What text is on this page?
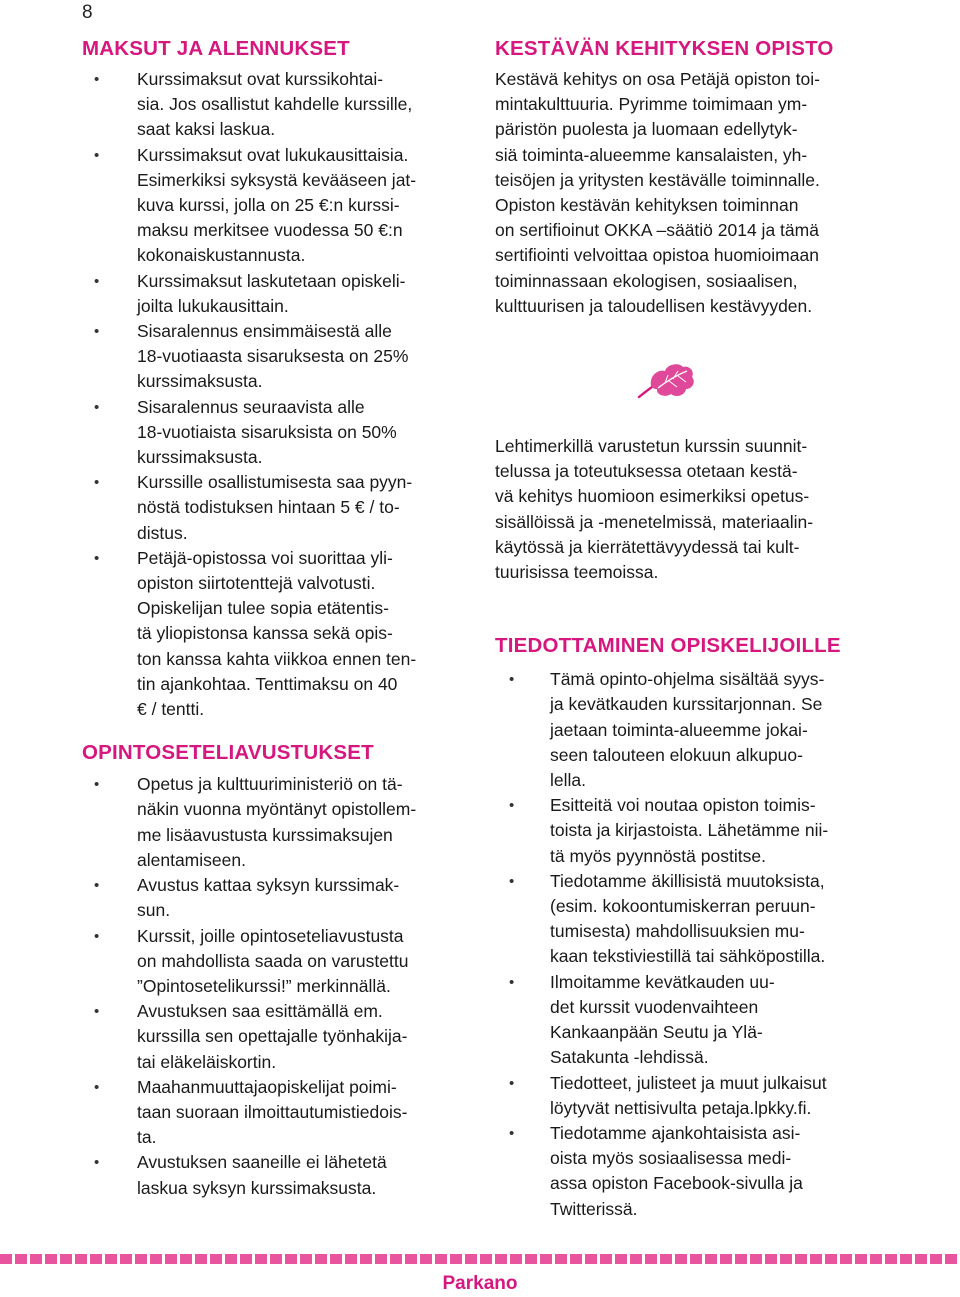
8
MAKSUT JA ALENNUKSET
• Kurssimaksut ovat kurssikohtai-
sia. Jos osallistut kahdelle kurssille,
saat kaksi laskua.
• Kurssimaksut ovat lukukausittaisia.
Esimerkiksi syksystä kevääseen jat-
kuva kurssi, jolla on 25 €:n kurssi-
maksu merkitsee vuodessa 50 €:n
kokonaiskustannusta.
• Kurssimaksut laskutetaan opiskeli-
joilta lukukausittain.
• Sisaralennus ensimmäisestä alle
18-vuotiaasta sisaruksesta on 25%
kurssimaksusta.
• Sisaralennus seuraavista alle
18-vuotiaista sisaruksista on 50%
kurssimaksusta.
• Kurssille osallistumisesta saa pyyn-
nöstä todistuksen hintaan 5 € / to-
distus.
• Petäjä-opistossa voi suorittaa yli-
opiston siirtotenttejä valvotusti.
Opiskelijan tulee sopia etätentis-
tä yliopistonsa kanssa sekä opis-
ton kanssa kahta viikkoa ennen ten-
tin ajankohtaa. Tenttimaksu on 40
€ / tentti.
OPINTOSETELIAVUSTUKSET
• Opetus ja kulttuuriministeriö on tä-
näkin vuonna myöntänyt opistollem-
me lisäavustusta kurssimaksujen
alentamiseen.
• Avustus kattaa syksyn kurssimak-
sun.
• Kurssit, joille opintoseteliavustusta
on mahdollista saada on varustettu
”Opintosetelikurssi!” merkinnällä.
• Avustuksen saa esittämällä em.
kurssilla sen opettajalle työnhakija-
tai eläkeläiskortin.
• Maahanmuuttajaopiskelijat poimi-
taan suoraan ilmoittautumistiedois-
ta.
• Avustuksen saaneille ei lähetetä
laskua syksyn kurssimaksusta.
KESTÄVÄN KEHITYKSEN OPISTO

Kestävä kehitys on osa Petäjä opiston toi-
mintakulttuuria. Pyrimme toimimaan ym-
päristön puolesta ja luomaan edellytyk-
siä toiminta-alueemme kansalaisten, yh-
teisöjen ja yritysten kestävälle toiminnalle.
Opiston kestävän kehityksen toiminnan
on sertifioinut OKKA –säätiö 2014 ja tämä
sertifiointi velvoittaa opistoa huomioimaan
toiminnassaan ekologisen, sosiaalisen,
kulttuurisen ja taloudellisen kestävyyden.

Lehtimerkillä varustetun kurssin suunnit-
telussa ja toteutuksessa otetaan kestä-
vä kehitys huomioon esimerkiksi opetus-
sisällöissä ja -menetelmissä, materiaalin-
käytössä ja kierrätettävyydessä tai kult-
tuurisissa teemoissa.

TIEDOTTAMINEN OPISKELIJOILLE
• Tämä opinto-ohjelma sisältää syys-
ja kevätkauden kurssitarjonnan. Se
jaetaan toiminta-alueemme jokai-
seen talouteen elokuun alkupuo-
lella.
• Esitteitä voi noutaa opiston toimis-
toista ja kirjastoista. Lähetämme nii-
tä myös pyynnöstä postitse.
• Tiedotamme äkillisistä muutoksista,
(esim. kokoontumiskerran peruun-
tumisesta) mahdollisuuksien mu-
kaan tekstiviestillä tai sähköpostilla.
• Ilmoitamme kevätkauden uu-
det kurssit vuodenvaihteen
Kankaanpään Seutu ja Ylä-
Satakunta -lehdissä.
• Tiedotteet, julisteet ja muut julkaisut
löytyvät nettisivulta petaja.lpkky.fi.
• Tiedotamme ajankohtaisista asi-
oista myös sosiaalisessa medi-
assa opiston Facebook-sivulla ja
Twitterissä.
Parkano
